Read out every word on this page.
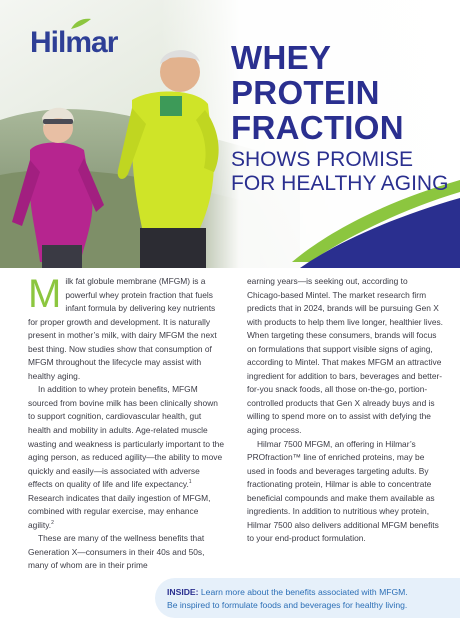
Hilmar	WHEY
PROTEIN
FRACTION
SHOWS PROMISE
FOR HEALTHY AGING

Milk fat globule membrane (MFGM) is a powerful whey protein fraction that fuels infant formula by delivering key nutrients for proper growth and development. It is naturally present in mother’s milk, with dairy MFGM the next best thing. Now studies show that consumption of MFGM throughout the lifecycle may assist with healthy aging.

In addition to whey protein benefits, MFGM sourced from bovine milk has been clinically shown to support cognition, cardiovascular health, gut health and mobility in adults. Age-related muscle wasting and weakness is particularly important to the aging person, as reduced agility—the ability to move quickly and easily—is associated with adverse effects on quality of life and life expectancy.$^1$ Research indicates that daily ingestion of MFGM, combined with regular exercise, may enhance agility.$^2$

These are many of the wellness benefits that Generation X—consumers in their 40s and 50s, many of whom are in their prime

earning years—is seeking out, according to Chicago-based Mintel. The market research firm predicts that in 2024, brands will be pursuing Gen X with products to help them live longer, healthier lives. When targeting these consumers, brands will focus on formulations that support visible signs of aging, according to Mintel. That makes MFGM an attractive ingredient for addition to bars, beverages and better-for-you snack foods, all those on-the-go, portion-controlled products that Gen X already buys and is willing to spend more on to assist with defying the aging process.

Hilmar 7500 MFGM, an offering in Hilmar’s PROfraction™ line of enriched proteins, may be used in foods and beverages targeting adults. By fractionating protein, Hilmar is able to concentrate beneficial compounds and make them available as ingredients. In addition to nutritious whey protein, Hilmar 7500 also delivers additional MFGM benefits to your end-product formulation.

INSIDE: Learn more about the benefits associated with MFGM.
Be inspired to formulate foods and beverages for healthy living.
